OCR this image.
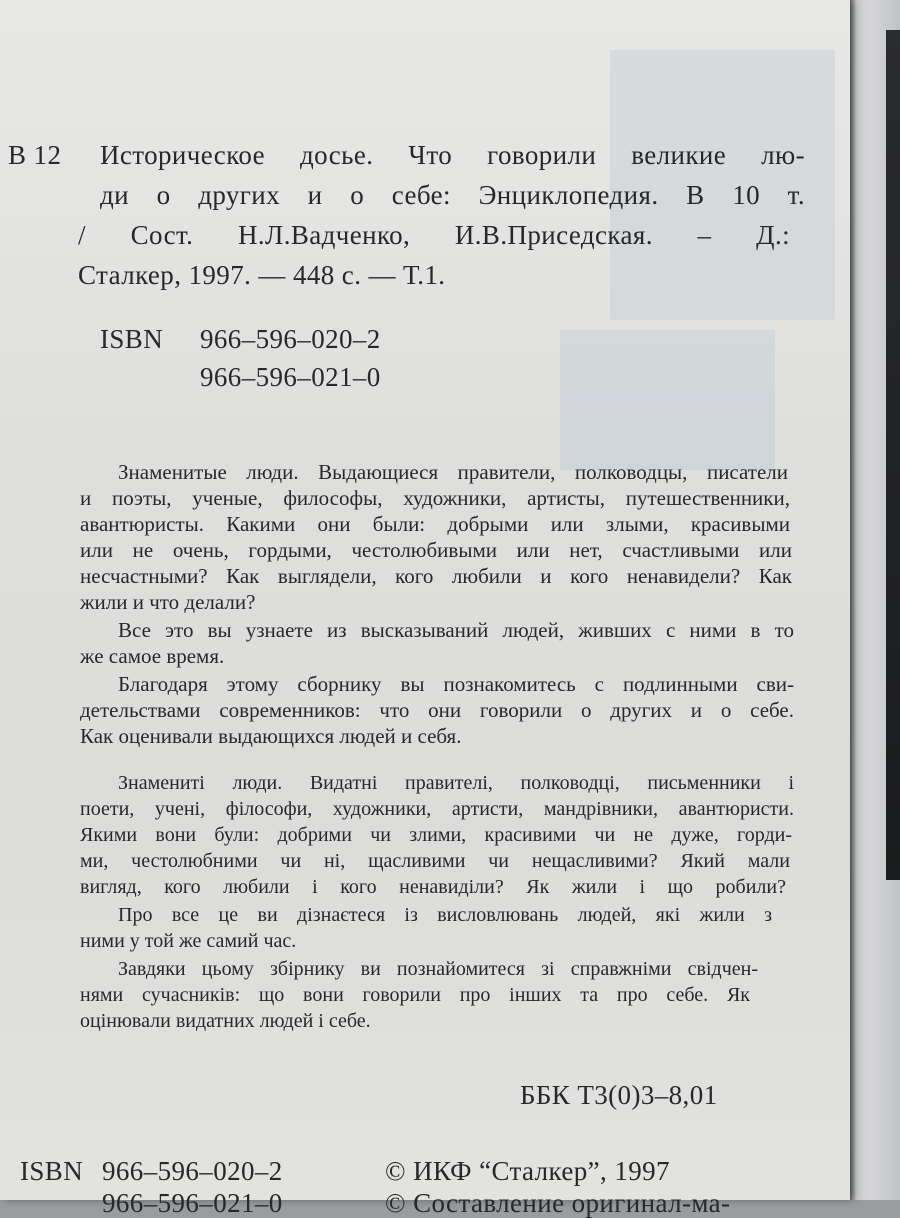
В 12 Историческое досье. Что говорили великие лю-
ди о других и о себе: Энциклопедия. В 10 т.
/ Сост. Н.Л.Вадченко, И.В.Приседская. – Д.:
Сталкер, 1997. — 448 с. — Т.1.
ISBN 966–596–020–2
966–596–021–0
Знаменитые люди. Выдающиеся правители, полководцы, писатели
и поэты, ученые, философы, художники, артисты, путешественники,
авантюристы. Какими они были: добрыми или злыми, красивыми
или не очень, гордыми, честолюбивыми или нет, счастливыми или
несчастными? Как выглядели, кого любили и кого ненавидели? Как
жили и что делали?
Все это вы узнаете из высказываний людей, живших с ними в то
же самое время.
Благодаря этому сборнику вы познакомитесь с подлинными сви-
детельствами современников: что они говорили о других и о себе.
Как оценивали выдающихся людей и себя.
Знамениті люди. Видатні правителі, полководці, письменники і
поети, учені, філософи, художники, артисти, мандрівники, авантюристи.
Якими вони були: добрими чи злими, красивими чи не дуже, горди-
ми, честолюбними чи ні, щасливими чи нещасливими? Який мали
вигляд, кого любили і кого ненавиділи? Як жили і що робили?
Про все це ви дізнаєтеся із висловлювань людей, які жили з
ними у той же самий час.
Завдяки цьому збірнику ви познайомитеся зі справжніми свідчен-
нями сучасників: що вони говорили про інших та про себе. Як
оцінювали видатних людей і себе.
ББК Т3(0)3–8,01
ISBN 966–596–020–2
966–596–021–0
© ИКФ “Сталкер”, 1997
© Составление оригинал-ма-
